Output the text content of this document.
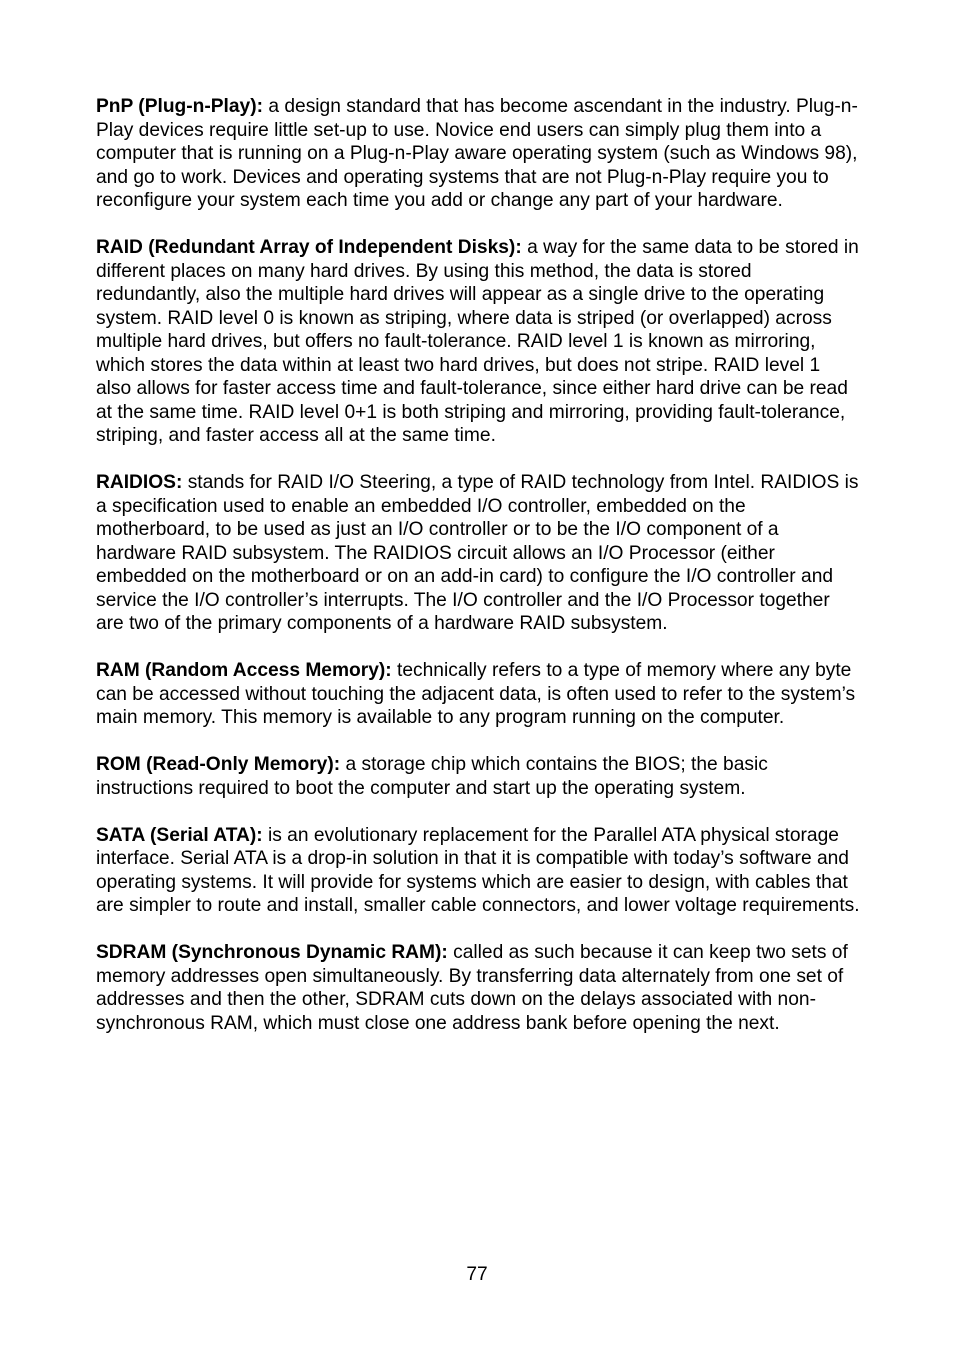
PnP (Plug-n-Play): a design standard that has become ascendant in the industry. Plug-n-Play devices require little set-up to use. Novice end users can simply plug them into a computer that is running on a Plug-n-Play aware operating system (such as Windows 98), and go to work. Devices and operating systems that are not Plug-n-Play require you to reconfigure your system each time you add or change any part of your hardware.

RAID (Redundant Array of Independent Disks): a way for the same data to be stored in different places on many hard drives. By using this method, the data is stored redundantly, also the multiple hard drives will appear as a single drive to the operating system. RAID level 0 is known as striping, where data is striped (or overlapped) across multiple hard drives, but offers no fault-tolerance. RAID level 1 is known as mirroring, which stores the data within at least two hard drives, but does not stripe. RAID level 1 also allows for faster access time and fault-tolerance, since either hard drive can be read at the same time. RAID level 0+1 is both striping and mirroring, providing fault-tolerance, striping, and faster access all at the same time.

RAIDIOS: stands for RAID I/O Steering, a type of RAID technology from Intel. RAIDIOS is a specification used to enable an embedded I/O controller, embedded on the motherboard, to be used as just an I/O controller or to be the I/O component of a hardware RAID subsystem. The RAIDIOS circuit allows an I/O Processor (either embedded on the motherboard or on an add-in card) to configure the I/O controller and service the I/O controller’s interrupts. The I/O controller and the I/O Processor together are two of the primary components of a hardware RAID subsystem.

RAM (Random Access Memory): technically refers to a type of memory where any byte can be accessed without touching the adjacent data, is often used to refer to the system’s main memory. This memory is available to any program running on the computer.

ROM (Read-Only Memory): a storage chip which contains the BIOS; the basic instructions required to boot the computer and start up the operating system.

SATA (Serial ATA): is an evolutionary replacement for the Parallel ATA physical storage interface. Serial ATA is a drop-in solution in that it is compatible with today’s software and operating systems. It will provide for systems which are easier to design, with cables that are simpler to route and install, smaller cable connectors, and lower voltage requirements.

SDRAM (Synchronous Dynamic RAM): called as such because it can keep two sets of memory addresses open simultaneously. By transferring data alternately from one set of addresses and then the other, SDRAM cuts down on the delays associated with non-synchronous RAM, which must close one address bank before opening the next.

77
